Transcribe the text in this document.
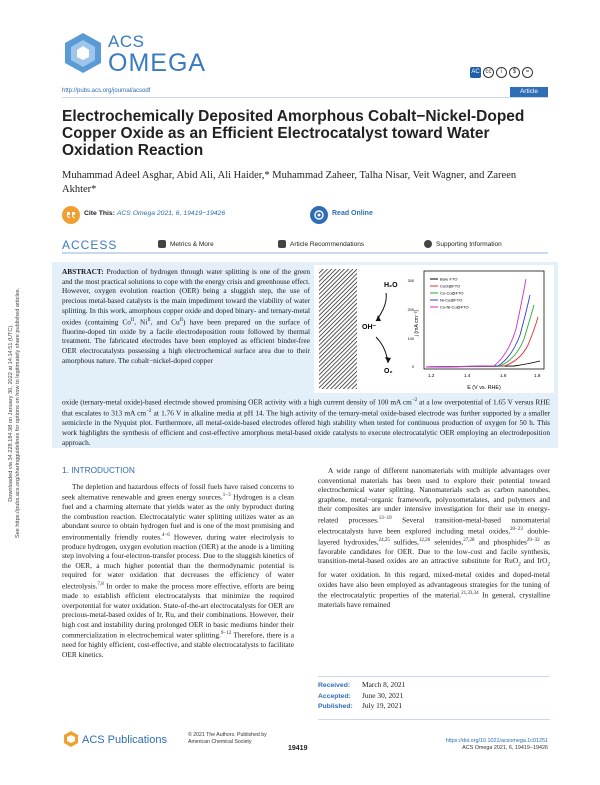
Downloaded via 34.228.184.98 on January 30, 2022 at 14:14:51 (UTC). See https://pubs.acs.org/sharingguidelines for options on how to legitimately share published articles.
ACS
OMEGA	AC cc	i	$	=
http://pubs.acs.org/journal/acsodf	Article
Electrochemically Deposited Amorphous Cobalt−Nickel-Doped Copper Oxide as an Efficient Electrocatalyst toward Water Oxidation Reaction
Muhammad Adeel Asghar, Abid Ali, Ali Haider,* Muhammad Zaheer, Talha Nisar, Veit Wagner, and Zareen Akhter*
Cite This: ACS Omega 2021, 6, 19419−19426	Read Online
ACCESS	Metrics & More	Article Recommendations	Supporting Information
ABSTRACT: Production of hydrogen through water splitting is one of the green and the most practical solutions to cope with the energy crisis and greenhouse effect. However, oxygen evolution reaction (OER) being a sluggish step, the use of precious metal-based catalysts is the main impediment toward the viability of water splitting. In this work, amorphous copper oxide and doped binary- and ternary-metal oxides (containing $Co^{II}$, $Ni^{II}$, and $Cu^{II}$) have been prepared on the surface of fluorine-doped tin oxide by a facile electrodeposition route followed by thermal treatment. The fabricated electrodes have been employed as efficient binder-free OER electrocatalysts possessing a high electrochemical surface area due to their amorphous nature. The cobalt−nickel-doped copper
H₂O
OH⁻
O₂
j (mA cm⁻²)
E (V vs. RHE)
1.2	1.4	1.6	1.8
0
100
200
300	Bare FTO
CuO@FTO
Cu-Co@FTO
Ni-Cu@FTO
Co-Ni-Cu@FTO
oxide (ternary-metal oxide)-based electrode showed promising OER activity with a high current density of 100 mA $cm^{-2}$ at a low overpotential of 1.65 V versus RHE that escalates to 313 mA $cm^{-2}$ at 1.76 V in alkaline media at pH 14. The high activity of the ternary-metal oxide-based electrode was further supported by a smaller semicircle in the Nyquist plot. Furthermore, all metal-oxide-based electrodes offered high stability when tested for continuous production of oxygen for 50 h. This work highlights the synthesis of efficient and cost-effective amorphous metal-based oxide catalysts to execute electrocatalytic OER employing an electrodeposition approach.
1. INTRODUCTION

The depletion and hazardous effects of fossil fuels have raised concerns to seek alternative renewable and green energy sources.$^{1-3}$ Hydrogen is a clean fuel and a charming alternate that yields water as the only byproduct during the combustion reaction. Electrocatalytic water splitting utilizes water as an abundant source to obtain hydrogen fuel and is one of the most promising and environmentally friendly routes.$^{4-6}$ However, during water electrolysis to produce hydrogen, oxygen evolution reaction (OER) at the anode is a limiting step involving a four-electron-transfer process. Due to the sluggish kinetics of the OER, a much higher potential than the thermodynamic potential is required for water oxidation that decreases the efficiency of water electrolysis.$^{7,8}$ In order to make the process more effective, efforts are being made to establish efficient electrocatalysts that minimize the required overpotential for water oxidation. State-of-the-art electrocatalysts for OER are precious-metal-based oxides of Ir, Ru, and their combinations. However, their high cost and instability during prolonged OER in basic mediums hinder their commercialization in electrochemical water splitting.$^{9-12}$ Therefore, there is a need for highly efficient, cost-effective, and stable electrocatalysts to facilitate OER kinetics.

A wide range of different nanomaterials with multiple advantages over conventional materials has been used to explore their potential toward electrochemical water splitting. Nanomaterials such as carbon nanotubes, graphene, metal−organic framework, polyoxometalates, and polymers and their composites are under intensive investigation for their use in energy-related processes.$^{13-19}$ Several transition-metal-based nanomaterial electrocatalysts have been explored including metal oxides,$^{20-23}$ double-layered hydroxides,$^{24,25}$ sulfides,$^{12,26}$ selenides,$^{27,28}$ and phosphides$^{29-32}$ as favorable candidates for OER. Due to the low-cost and facile synthesis, transition-metal-based oxides are an attractive substitute for RuO$_2$ and IrO$_2$ for water oxidation. In this regard, mixed-metal oxides and doped-metal oxides have also been employed as advantageous strategies for the tuning of the electrocatalytic properties of the material.$^{21,33,34}$ In general, crystalline materials have remained

Received: March 8, 2021
Accepted: June 30, 2021
Published: July 19, 2021
ACS Publications	© 2021 The Authors. Published by
American Chemical Society
19419
https://doi.org/10.1021/acsomega.1c01251
ACS Omega 2021, 6, 19419−19426
